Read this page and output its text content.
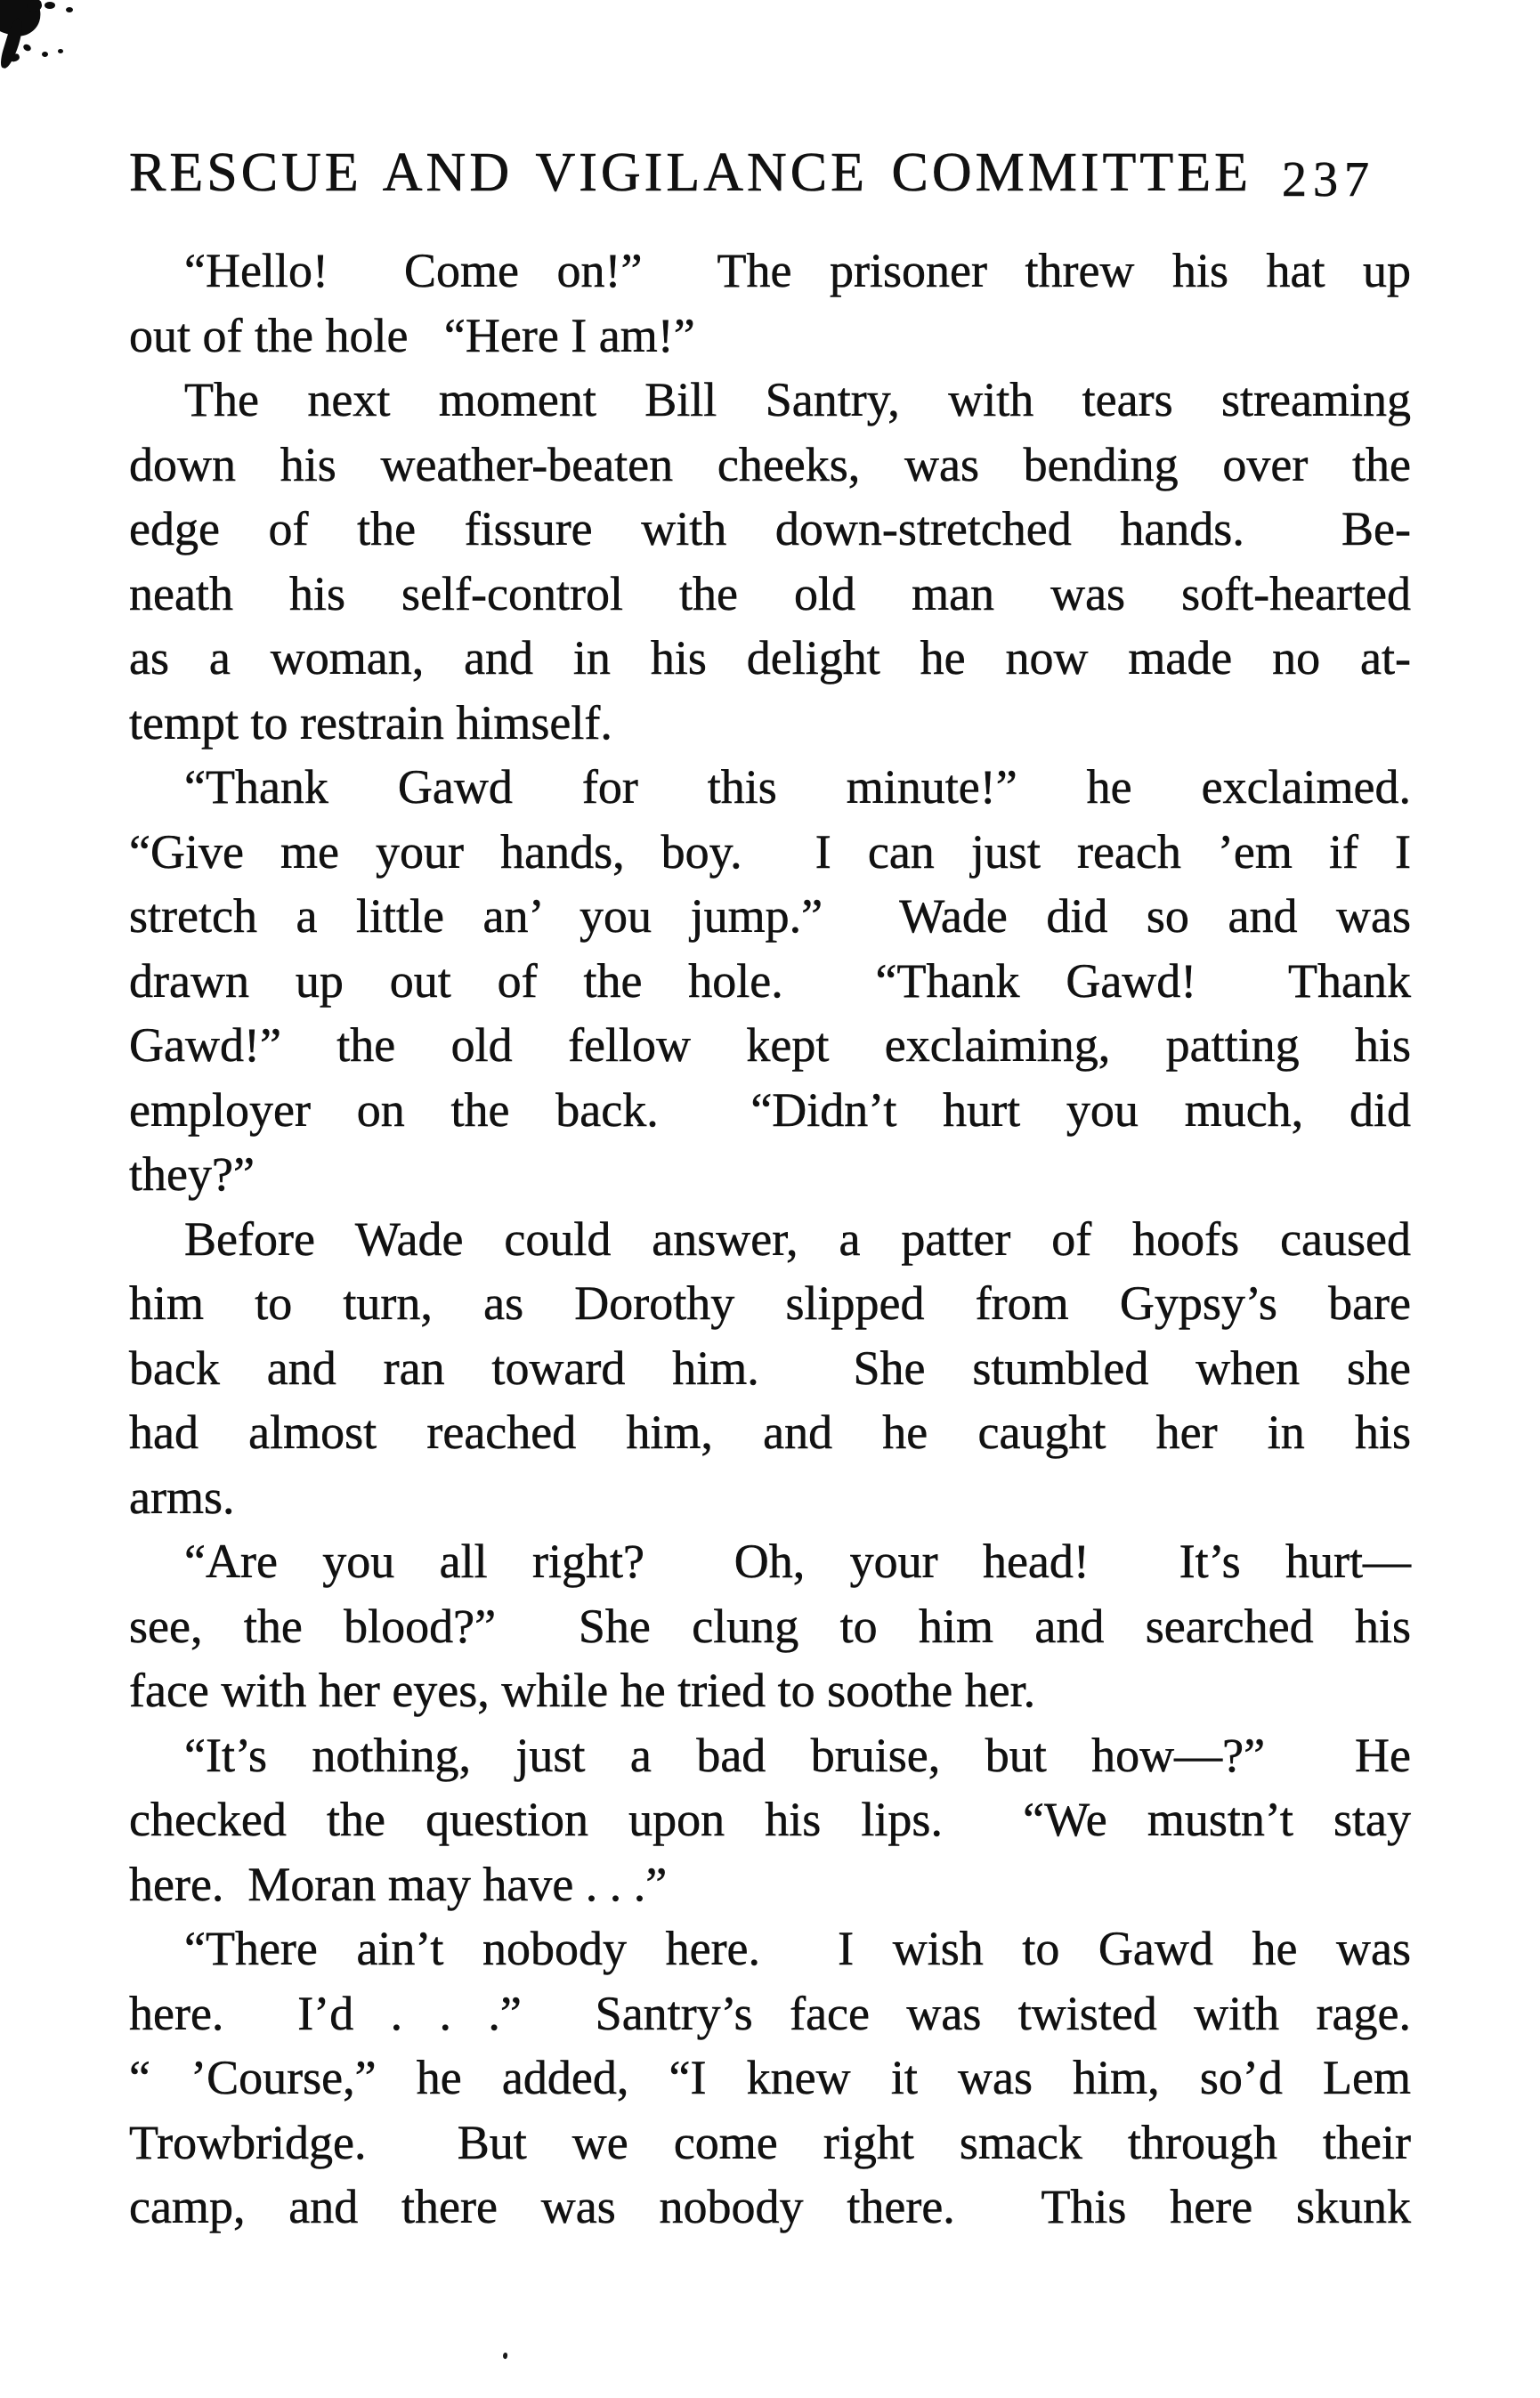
RESCUE AND VIGILANCE COMMITTEE 237

“Hello!  Come on!”  The prisoner threw his hat up
out of the hole   “Here I am!”

The next moment Bill Santry, with tears streaming
down his weather-beaten cheeks, was bending over the
edge of the fissure with down-stretched hands.  Be-
neath his self-control the old man was soft-hearted
as a woman, and in his delight he now made no at-
tempt to restrain himself.

“Thank Gawd for this minute!” he exclaimed.
“Give me your hands, boy.  I can just reach ’em if I
stretch a little an’ you jump.”  Wade did so and was
drawn up out of the hole.  “Thank Gawd!  Thank
Gawd!” the old fellow kept exclaiming, patting his
employer on the back.  “Didn’t hurt you much, did
they?”

Before Wade could answer, a patter of hoofs caused
him to turn, as Dorothy slipped from Gypsy’s bare
back and ran toward him.  She stumbled when she
had almost reached him, and he caught her in his
arms.

“Are you all right?  Oh, your head!  It’s hurt—
see, the blood?”  She clung to him and searched his
face with her eyes, while he tried to soothe her.

“It’s nothing, just a bad bruise, but how—?”  He
checked the question upon his lips.  “We mustn’t stay
here.  Moran may have . . .”

“There ain’t nobody here.  I wish to Gawd he was
here.  I’d . . .”  Santry’s face was twisted with rage.
“ ’Course,” he added, “I knew it was him, so’d Lem
Trowbridge.  But we come right smack through their
camp, and there was nobody there.  This here skunk
